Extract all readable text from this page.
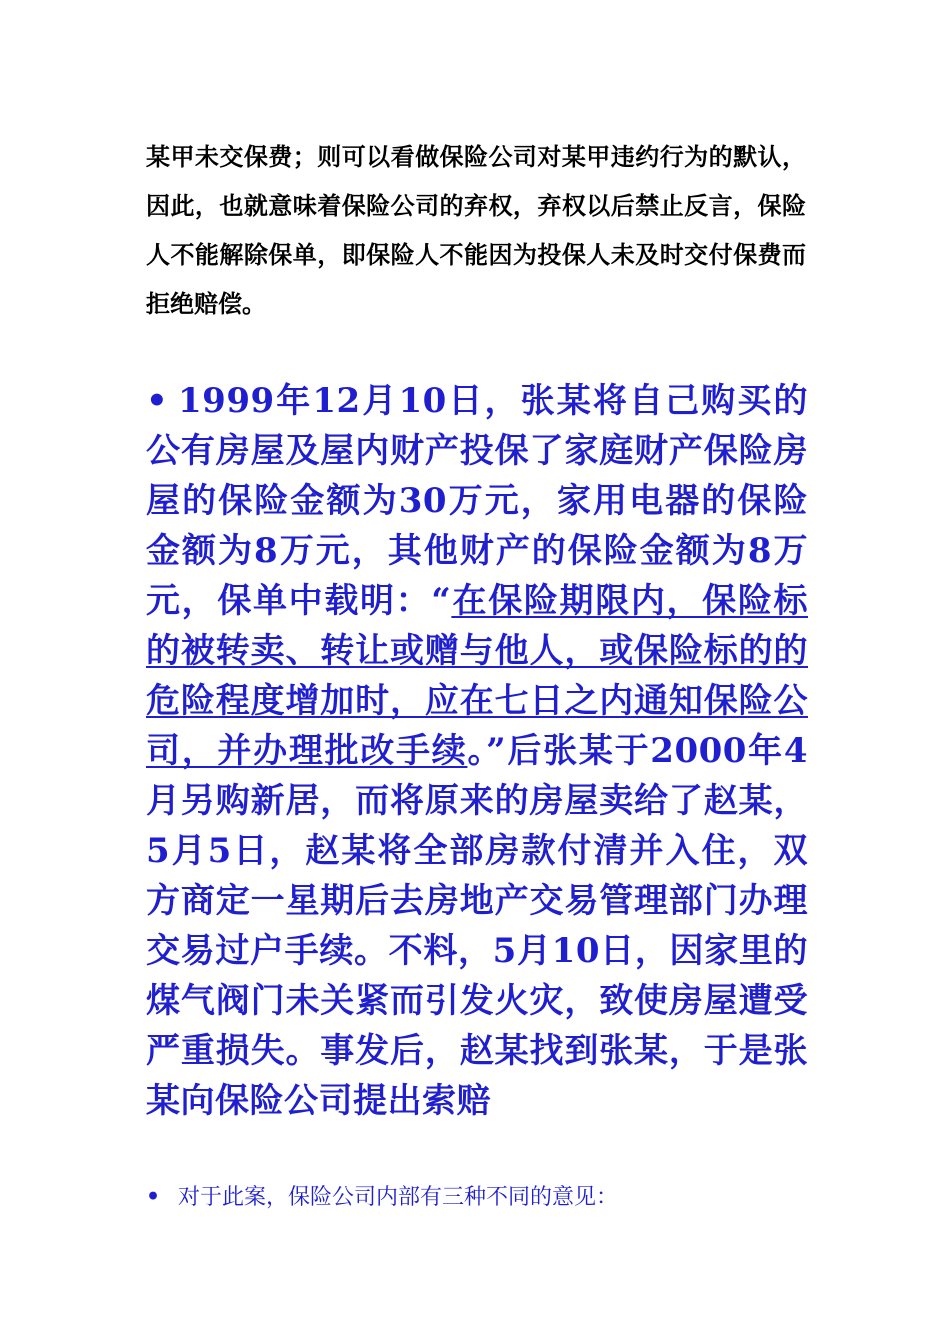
某甲未交保费；则可以看做保险公司对某甲违约行为的默认，因此，也就意味着保险公司的弃权，弃权以后禁止反言，保险人不能解除保单，即保险人不能因为投保人未及时交付保费而拒绝赔偿。

• 1999年12月10日，张某将自己购买的公有房屋及屋内财产投保了家庭财产保险房屋的保险金额为30万元，家用电器的保险金额为8万元，其他财产的保险金额为8万元，保单中载明：“在保险期限内，保险标的被转卖、转让或赠与他人，或保险标的的危险程度增加时，应在七日之内通知保险公司，并办理批改手续。”后张某于2000年4月另购新居，而将原来的房屋卖给了赵某，5月5日，赵某将全部房款付清并入住，双方商定一星期后去房地产交易管理部门办理交易过户手续。不料，5月10日，因家里的煤气阀门未关紧而引发火灾，致使房屋遭受严重损失。事发后，赵某找到张某，于是张某向保险公司提出索赔

• 对于此案，保险公司内部有三种不同的意见：
